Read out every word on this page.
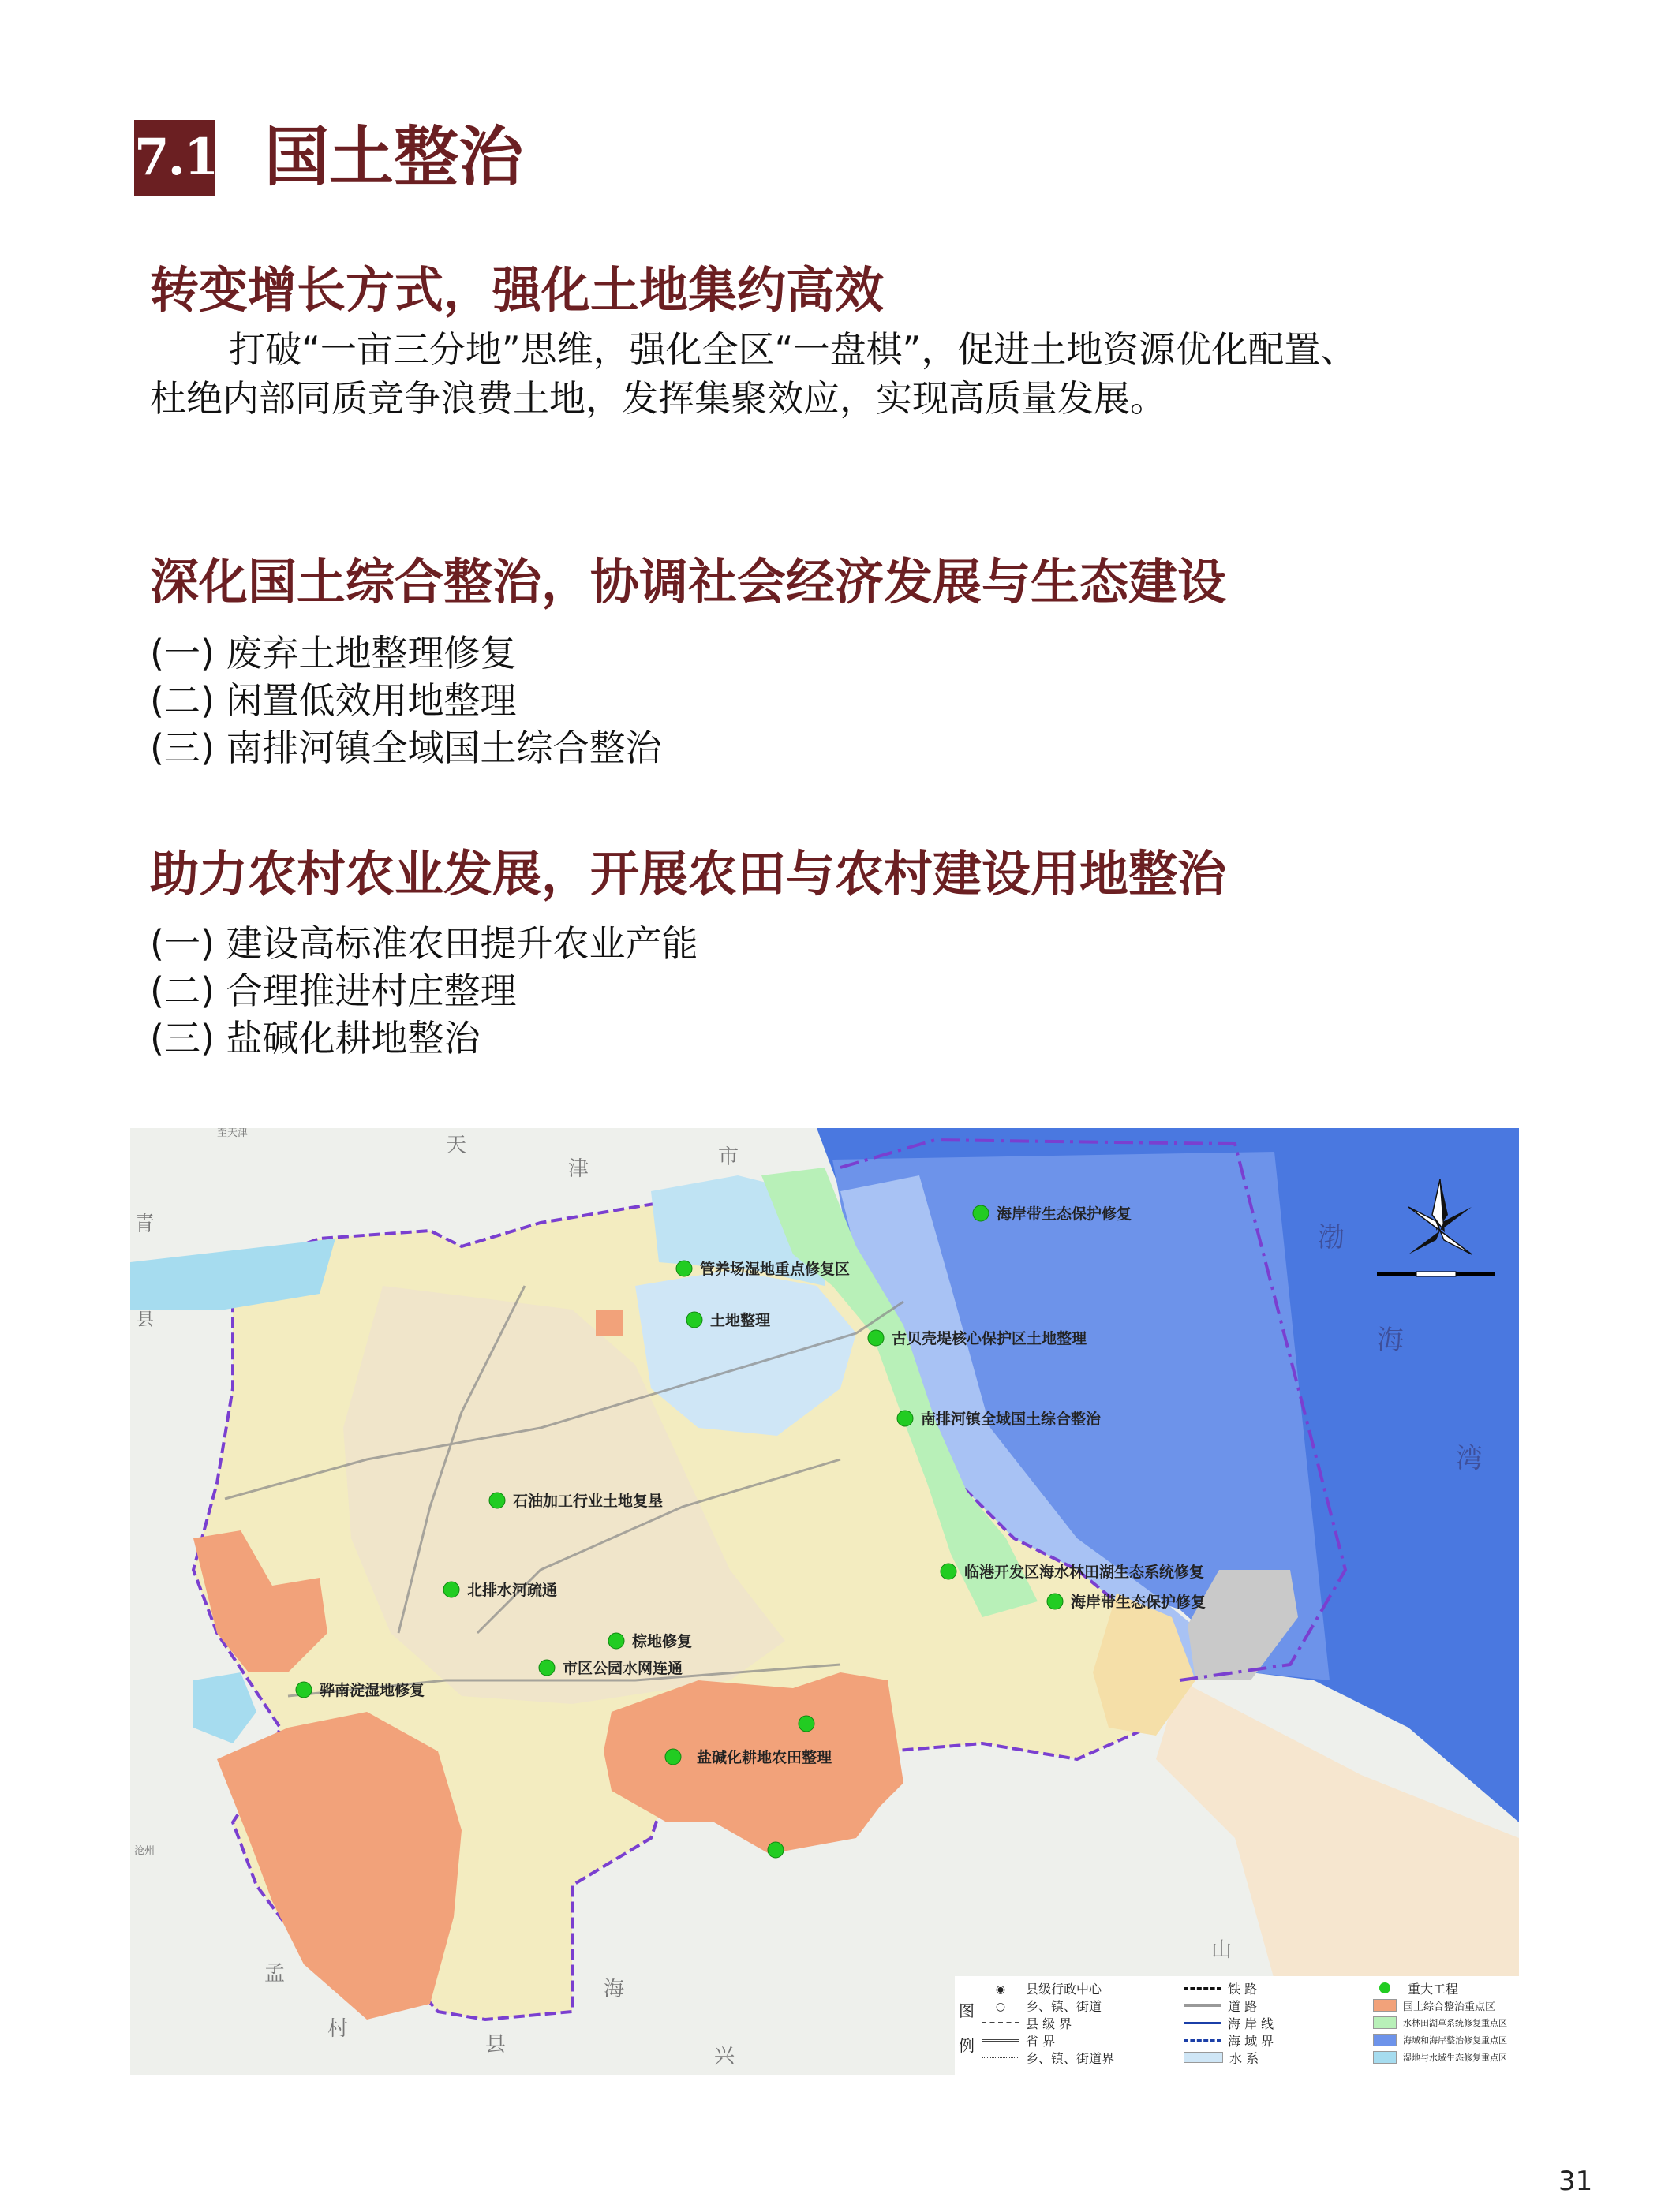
7.1 国土整治
转变增长方式，强化土地集约高效

打破“一亩三分地”思维，强化全区“一盘棋”，促进土地资源优化配置、
杜绝内部同质竞争浪费土地，发挥集聚效应，实现高质量发展。

深化国土综合整治，协调社会经济发展与生态建设
(一) 废弃土地整理修复
(二) 闲置低效用地整理
(三) 南排河镇全域国土综合整治
助力农村农业发展，开展农田与农村建设用地整治
(一) 建设高标准农田提升农业产能
(二) 合理推进村庄整理
(三) 盐碱化耕地整治
渤
海
湾
至天津
天
津	市
青
县
沧州
孟
村
县	兴
海
山
海岸带生态保护修复
管养场湿地重点修复区
土地整理
古贝壳堤核心保护区土地整理
南排河镇全域国土综合整治
石油加工行业土地复垦
临港开发区海水林田湖生态系统修复
海岸带生态保护修复
北排水河疏通
棕地修复
市区公园水网连通
骅南淀湿地修复
盐碱化耕地农田整理
图例
◉	县级行政中心
○	乡、镇、街道
县 级 界
省 界
乡、镇、街道界
铁 路
道 路
海 岸 线
海 域 界
水 系
重大工程
国土综合整治重点区
水林田湖草系统修复重点区
海域和海岸整治修复重点区
湿地与水域生态修复重点区
31
